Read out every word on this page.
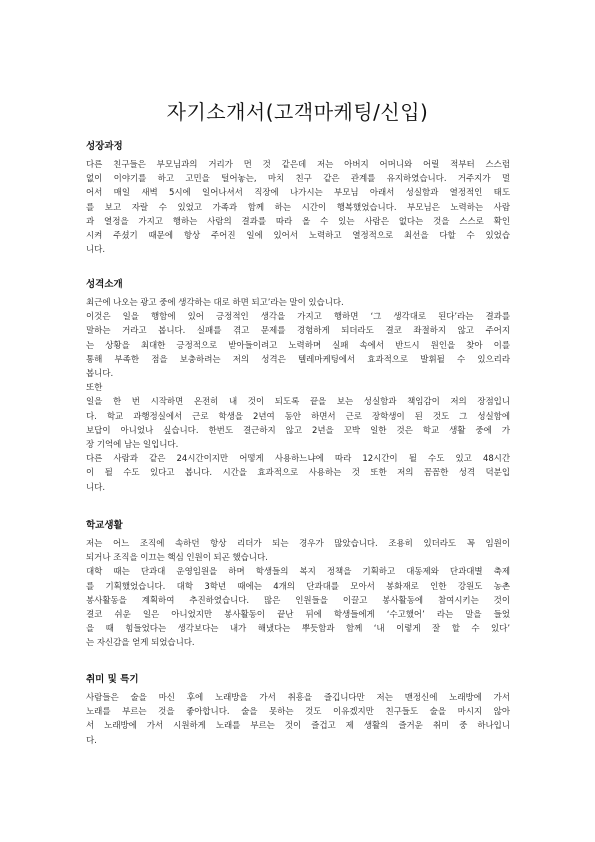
자기소개서(고객마케팅/신입)
성장과정
다른 친구들은 부모님과의 거리가 먼 것 같은데 저는 아버지 어머니와 어릴 적부터 스스럼
없이 이야기를 하고 고민을 털어놓는, 마치 친구 같은 관계를 유지하였습니다. 거주지가 멀
어서 매일 새벽 5시에 일어나셔서 직장에 나가시는 부모님 아래서 성실함과 열정적인 태도
를 보고 자랄 수 있었고 가족과 함께 하는 시간이 행복했었습니다. 부모님은 노력하는 사람
과 열정을 가지고 행하는 사람의 결과를 따라 올 수 있는 사람은 없다는 것을 스스로 확인
시켜 주셨기 때문에 항상 주어진 일에 있어서 노력하고 열정적으로 최선을 다할 수 있었습
니다.
성격소개
최근에 나오는 광고 중에 생각하는 대로 하면 되고’라는 말이 있습니다.
이것은 일을 행함에 있어 긍정적인 생각을 가지고 행하면 ‘그 생각대로 된다’라는 결과를
말하는 거라고 봅니다. 실패를 겪고 문제를 경험하게 되더라도 결코 좌절하지 않고 주어지
는 상황을 최대한 긍정적으로 받아들이려고 노력하며 실패 속에서 반드시 원인을 찾아 이를
통해 부족한 점을 보충하려는 저의 성격은 텔레마케팅에서 효과적으로 발휘될 수 있으리라
봅니다.
또한
일을 한 번 시작하면 온전히 내 것이 되도록 끝을 보는 성실함과 책임감이 저의 장점입니
다. 학교 과행정실에서 근로 학생을 2년여 동안 하면서 근로 장학생이 된 것도 그 성실함에
보답이 아니었나 싶습니다. 한번도 결근하지 않고 2년을 꼬박 일한 것은 학교 생활 중에 가
장 기억에 남는 일입니다.
다른 사람과 같은 24시간이지만 어떻게 사용하느냐에 따라 12시간이 될 수도 있고 48시간
이 될 수도 있다고 봅니다. 시간을 효과적으로 사용하는 것 또한 저의 꼼꼼한 성격 덕분입
니다.
학교생활
저는 어느 조직에 속하던 항상 리더가 되는 경우가 많았습니다. 조용히 있더라도 꼭 임원이
되거나 조직을 이끄는 핵심 인원이 되곤 했습니다.
대학 때는 단과대 운영임원을 하며 학생들의 복지 정책을 기획하고 대동제와 단과대별 축제
를 기획했었습니다. 대학 3학년 때에는 4개의 단과대를 모아서 봉화재로 인한 강원도 농촌
봉사활동을 계획하여 추진하였습니다. 많은 인원들을 이끌고 봉사활동에 참여시키는 것이
결코 쉬운 일은 아니었지만 봉사활동이 끝난 뒤에 학생들에게 ‘수고했어’ 라는 말을 들었
을 때 힘들었다는 생각보다는 내가 해냈다는 뿌듯함과 함께 ‘내 이렇게 잘 할 수 있다’
는 자신감을 얻게 되었습니다.
취미 및 특기
사람들은 술을 마신 후에 노래방을 가서 취흥을 즐깁니다만 저는 맨정신에 노래방에 가서
노래를 부르는 것을 좋아합니다. 술을 못하는 것도 이유겠지만 친구들도 술을 마시지 않아
서 노래방에 가서 시원하게 노래를 부르는 것이 즐겁고 제 생활의 즐거운 취미 중 하나입니
다.
